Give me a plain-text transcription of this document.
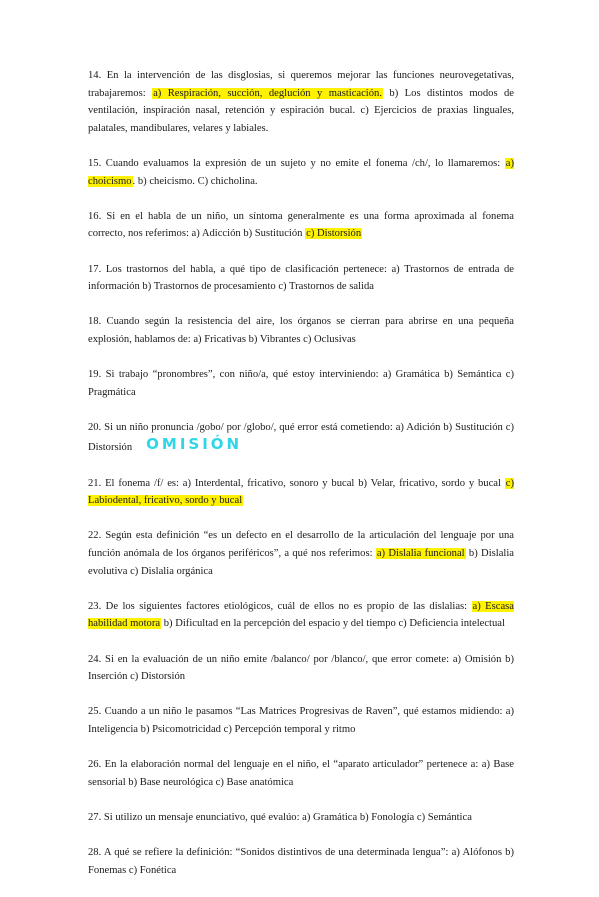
14. En la intervención de las disglosias, si queremos mejorar las funciones neurovegetativas, trabajaremos: a) Respiración, succión, deglución y masticación. b) Los distintos modos de ventilación, inspiración nasal, retención y espiración bucal. c) Ejercicios de praxias linguales, palatales, mandibulares, velares y labiales.

15. Cuando evaluamos la expresión de un sujeto y no emite el fonema /ch/, lo llamaremos: a) choicismo. b) cheicismo. C) chicholina.

16. Si en el habla de un niño, un síntoma generalmente es una forma aproximada al fonema correcto, nos referimos: a) Adicción b) Sustitución c) Distorsión

17. Los trastornos del habla, a qué tipo de clasificación pertenece: a) Trastornos de entrada de información b) Trastornos de procesamiento c) Trastornos de salida

18. Cuando según la resistencia del aire, los órganos se cierran para abrirse en una pequeña explosión, hablamos de: a) Fricativas b) Vibrantes c) Oclusivas

19. Si trabajo “pronombres”, con niño/a, qué estoy interviniendo: a) Gramática b) Semántica c) Pragmática

20. Si un niño pronuncia /gobo/ por /globo/, qué error está cometiendo: a) Adición b) Sustitución c) Distorsión OMISIÓN

21. El fonema /f/ es: a) Interdental, fricativo, sonoro y bucal b) Velar, fricativo, sordo y bucal c) Labiodental, fricativo, sordo y bucal

22. Según esta definición “es un defecto en el desarrollo de la articulación del lenguaje por una función anómala de los órganos periféricos”, a qué nos referimos: a) Dislalia funcional b) Dislalia evolutiva c) Dislalia orgánica

23. De los siguientes factores etiológicos, cuál de ellos no es propio de las dislalias: a) Escasa habilidad motora b) Dificultad en la percepción del espacio y del tiempo c) Deficiencia intelectual

24. Si en la evaluación de un niño emite /balanco/ por /blanco/, que error comete: a) Omisión b) Inserción c) Distorsión

25. Cuando a un niño le pasamos “Las Matrices Progresivas de Raven”, qué estamos midiendo: a) Inteligencia b) Psicomotricidad c) Percepción temporal y ritmo

26. En la elaboración normal del lenguaje en el niño, el “aparato articulador” pertenece a: a) Base sensorial b) Base neurológica c) Base anatómica

27. Si utilizo un mensaje enunciativo, qué evalúo: a) Gramática b) Fonología c) Semántica

28. A qué se refiere la definición: “Sonidos distintivos de una determinada lengua”: a) Alófonos b) Fonemas c) Fonética
